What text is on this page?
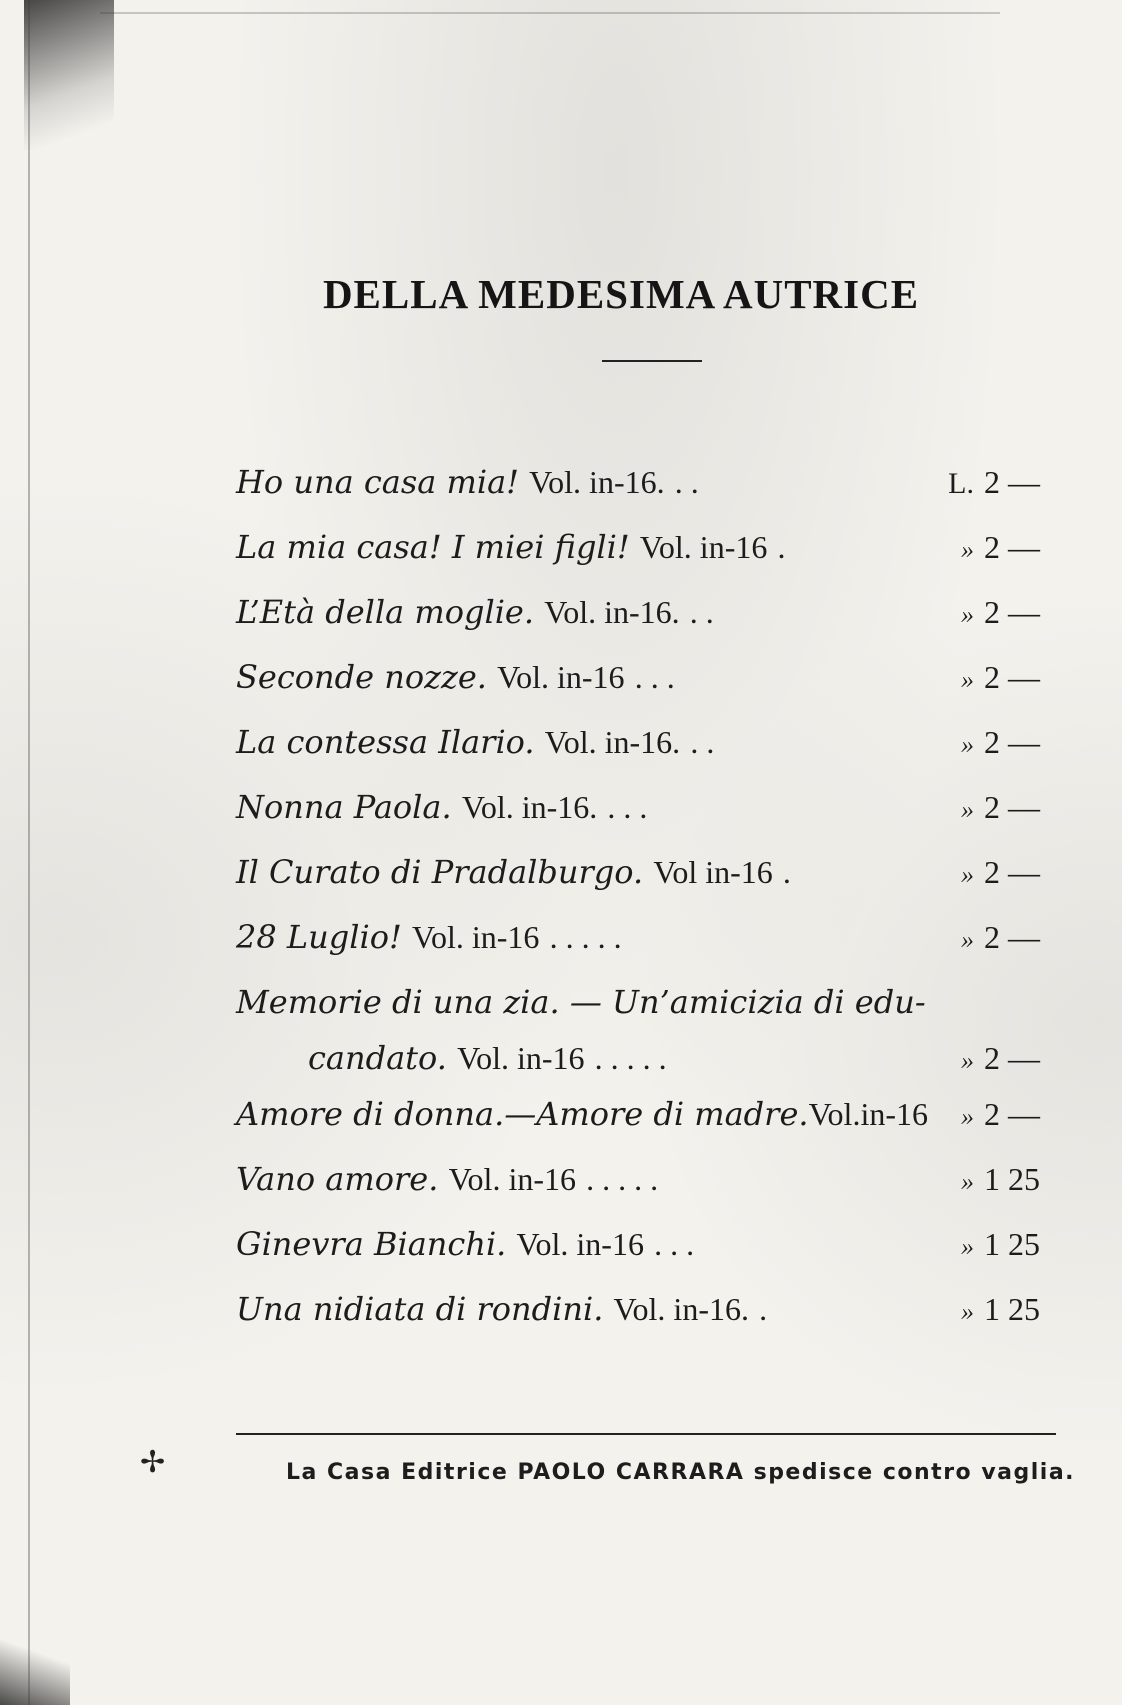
DELLA MEDESIMA AUTRICE
Ho una casa mia! Vol. in-16. . .	L. 2 —
La mia casa! I miei figli! Vol. in-16 .	» 2 —
L’Età della moglie. Vol. in-16. . .	» 2 —
Seconde nozze. Vol. in-16 . . .	» 2 —
La contessa Ilario. Vol. in-16. . .	» 2 —
Nonna Paola. Vol. in-16. . . .	» 2 —
Il Curato di Pradalburgo. Vol in-16 .	» 2 —
28 Luglio! Vol. in-16 . . . . .	» 2 —
Memorie di una zia. — Un’amicizia di edu-
candato. Vol. in-16 . . . . .	» 2 —
Amore di donna.—Amore di madre.Vol.in-16	» 2 —
Vano amore. Vol. in-16 . . . . .	» 1 25
Ginevra Bianchi. Vol. in-16 . . .	» 1 25
Una nidiata di rondini. Vol. in-16. .	» 1 25
✢	La Casa Editrice PAOLO CARRARA spedisce contro vaglia.
